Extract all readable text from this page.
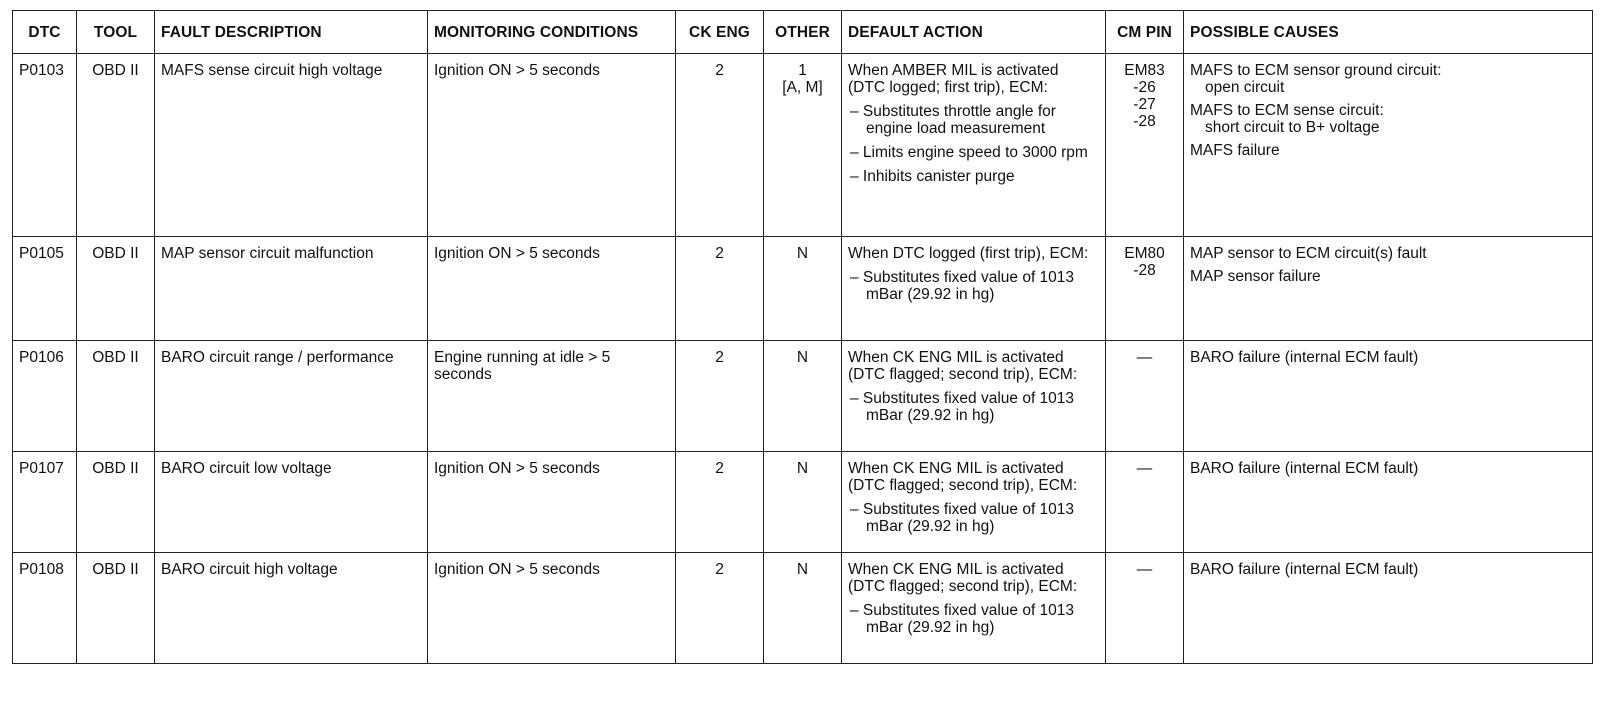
DTC	TOOL	FAULT DESCRIPTION	MONITORING CONDITIONS	CK ENG	OTHER	DEFAULT ACTION	CM PIN	POSSIBLE CAUSES
P0103	OBD II	MAFS sense circuit high voltage	Ignition ON > 5 seconds	2	1
[A, M]	When AMBER MIL is activated (DTC logged; first trip), ECM:
– Substitutes throttle angle for engine load measurement
– Limits engine speed to 3000 rpm
– Inhibits canister purge	EM83
-26
-27
-28	MAFS to ECM sensor ground circuit:
open circuit
MAFS to ECM sense circuit:
short circuit to B+ voltage
MAFS failure

P0105	OBD II	MAP sensor circuit malfunction	Ignition ON > 5 seconds	2	N	When DTC logged (first trip), ECM:
– Substitutes fixed value of 1013 mBar (29.92 in hg)	EM80
-28	MAP sensor to ECM circuit(s) fault
MAP sensor failure

P0106	OBD II	BARO circuit range / performance	Engine running at idle > 5 seconds	2	N	When CK ENG MIL is activated (DTC flagged; second trip), ECM:
– Substitutes fixed value of 1013 mBar (29.92 in hg)	—	BARO failure (internal ECM fault)

P0107	OBD II	BARO circuit low voltage	Ignition ON > 5 seconds	2	N	When CK ENG MIL is activated (DTC flagged; second trip), ECM:
– Substitutes fixed value of 1013 mBar (29.92 in hg)	—	BARO failure (internal ECM fault)

P0108	OBD II	BARO circuit high voltage	Ignition ON > 5 seconds	2	N	When CK ENG MIL is activated (DTC flagged; second trip), ECM:
– Substitutes fixed value of 1013 mBar (29.92 in hg)	—	BARO failure (internal ECM fault)
